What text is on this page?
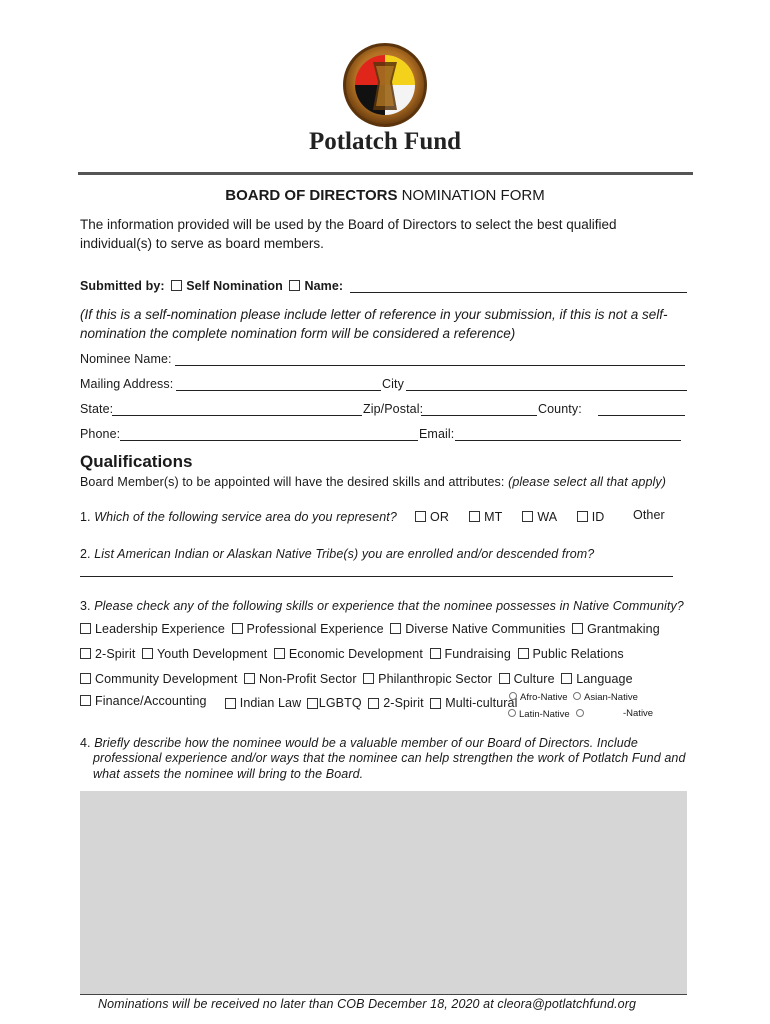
Potlatch Fund
BOARD OF DIRECTORS NOMINATION FORM
The information provided will be used by the Board of Directors to select the best qualified
individual(s) to serve as board members.
Submitted by: Self Nomination Name:
(If this is a self-nomination please include letter of reference in your submission, if this is not a self-
nomination the complete nomination form will be considered a reference)
Nominee Name:
Mailing Address:	City
State:	Zip/Postal:	County:
Phone:	Email:
Qualifications
Board Member(s) to be appointed will have the desired skills and attributes: (please select all that apply)
1. Which of the following service area do you represent?	OR	MT	WA	ID Other
2. List American Indian or Alaskan Native Tribe(s) you are enrolled and/or descended from?
3. Please check any of the following skills or experience that the nominee possesses in Native Community?
Leadership Experience Professional Experience Diverse Native Communities Grantmaking
2-Spirit Youth Development Economic Development Fundraising Public Relations
Community Development Non-Profit Sector Philanthropic Sector Culture Language
Finance/Accounting	Indian Law LGBTQ 2-Spirit Multi-cultural Afro-Native	Asian-Native
Latin-Native	-Native
4. Briefly describe how the nominee would be a valuable member of our Board of Directors. Include
professional experience and/or ways that the nominee can help strengthen the work of Potlatch Fund and
what assets the nominee will bring to the Board.
Nominations will be received no later than COB December 18, 2020 at cleora@potlatchfund.org
